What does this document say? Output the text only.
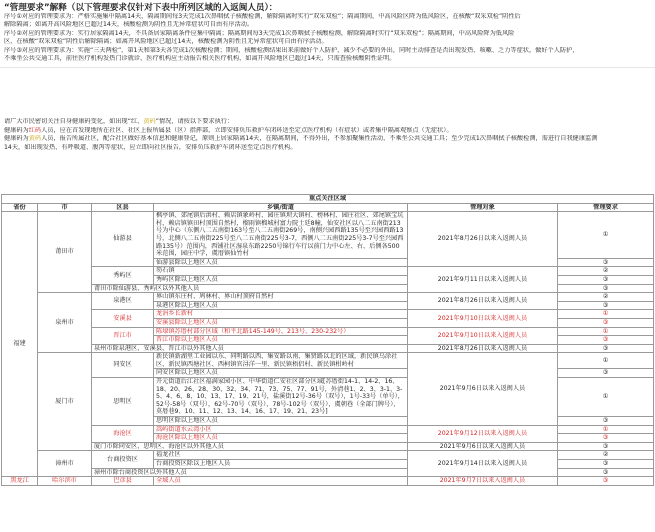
“管理要求”解释（以下管理要求仅针对下表中所列区域的入返闽人员）：
序号①对应的管理要求为：严格实施集中隔离14天，隔离期间每3天完成1次鼻咽拭子核酸检测，解除隔离时实行“双采双检”；隔离期间，中高风险区降为低风险区，在核酸“双采双检”阴性后
解除隔离；如离开高风险地区已超过14天，核酸检测为阴性且无异常症状可自由有序活动。
序号②对应的管理要求为：实行居家隔离14天，不具备居家隔离条件应集中隔离；隔离期间每3天完成1次鼻咽拭子核酸检测，解除隔离时实行“双采双检”；隔离期间，中高风险降为低风险
区，在核酸“双采双检”阴性后解除隔离；如离开风险地区已超过14天，核酸检测为阴性且无异常症状可自由有序活动。
序号③对应的管理要求为：实施“三天两检”，第1天和第3天各完成1次核酸检测；期间，核酸检测结果出来前做好个人防护，减少不必要的外出，同时主动排查是否出现发热、咳嗽、乏力等症状，做好个人防护，
不乘坐公共交通工具，前往医疗机构发热门诊就诊，医疗机构应主动报告相关医疗机构，如离开风险地区已超过14天，只需查验核酸阴性证明。
请广大市民密切关注自身健康码变化，如出现“红、黄码”情况，请按以下要求执行：
健康码为红码人员，应在首发现地所在社区、社区上报所属县（区）指挥部，立即安排负压救护车闭环送至定点医疗机构（有症状）或者集中隔离观察点（无症状）。
健康码为黄码人员，报告所属社区，配合社区做好基本信息和健康登记，原则上居家隔离14天，在隔离期间，不得外出，不参加聚集性活动，不乘坐公共交通工具；至少完成1次鼻咽拭子核酸检测，需进行自我健康监测
14天，如出现发热、有呼吸道、腹泻等症状，应立即向社区报告，安排负压救护车闭环送至定点医疗机构。
重点关注区域					
省份	市	区县	乡镇/街道	管理对象	管理要求
福建	莆田市	仙游县	枫亭镇、郊尾镇后洪村、赖店镇象岭村、园庄镇坝大镇村、榜林村、园庄社区、郊尾镇宝坑村，赖店镇镇田村顶围自然村，榴雨镇榴城村富力院士廷8幢，仙安社区以八二五南街213号为中心（东侧八二五南街163号至八二五南街269号，南侧兴园西路135号至兴园西路13号，北侧八二五南街225号至八二五南街225号3-7，西侧八二五南街225号3-7号至兴园西路135号）范围内，西铺社区湿泉东路2250号锦行车行以前门力中心左、右、后侧各500米范围，园庄中学，虞厝镇仙竹村	2021年8月26日以来入返闽人员	①
			仙游县除以上地区人员		③
		秀屿区	笏石镇	2021年9月11日以来入返闽人员	②
			秀屿区除以上地区人员		③
		莆田市除仙游县、秀屿区以外其他人员			③
	泉州市	泉港区	界山镇东庄村、鸠林村、界山村顶府自然村	2021年8月26日以来入返闽人员	②
			泉港区除以上地区人员		③
		安溪县	龙涓乡长新村	2021年9月10日以来入返闽人员	①
			安溪县除以上地区人员		③
		晋江市	陈埭镇苏厝村部分区域（和平北路145-149号、213号、230-232号）	2021年9月10日以来入返闽人员	①
			晋江市除以上地区人员		③
		泉州市除泉港区、安溪县、晋江市以外其他人员		2021年8月26日以来入返闽人员	③
	厦门市	同安区	新民镇新湖里工业园以东、同明路以西、集安路以南、集贤路以北的区域，新民镇乌涂社区、新民镇西塘社区、西柯镇官浔洋一里、新民镇梧侣村、新民镇柑岭村	2021年9月6日以来入返闽人员	①
			同安区除以上地区人员		③
		思明区	开元街道后江社区福满家园小区、中华街道仁安社区部分区域[苏厝街14-1、14-2、16、18、20、26、28、30、32、34、71、73、75、77、91号，外清巷1、2、3、3-1、3-5、4、6、8、10、13、17、19、21号，盐溪街12号-36号（双号），1号-33号（单号），52号-58号（双号），62号-70号（双号），78号-102号（双号），虞朝巷（全部门牌号），莫厝巷9、10、11、12、13、14、16、17、19、21、23号]		①
			思明区除以上地区人员		③
		海沧区	嵩屿街道水云湾小区	2021年9月12日以来入返闽人员	①
			海沧区除以上地区人员		③
		厦门市除同安区、思明区、海沧区以外其他人员		2021年9月6日以来入返闽人员	③
	漳州市	台商投资区	福龙社区	2021年9月14日以来入返闽人员	②
			台商投资区除以上地区人员		③
		漳州市除台商投资区以外其他人员			③
黑龙江	哈尔滨市	巴彦县	全域人员	2021年9月7日以来入返闽人员	③
